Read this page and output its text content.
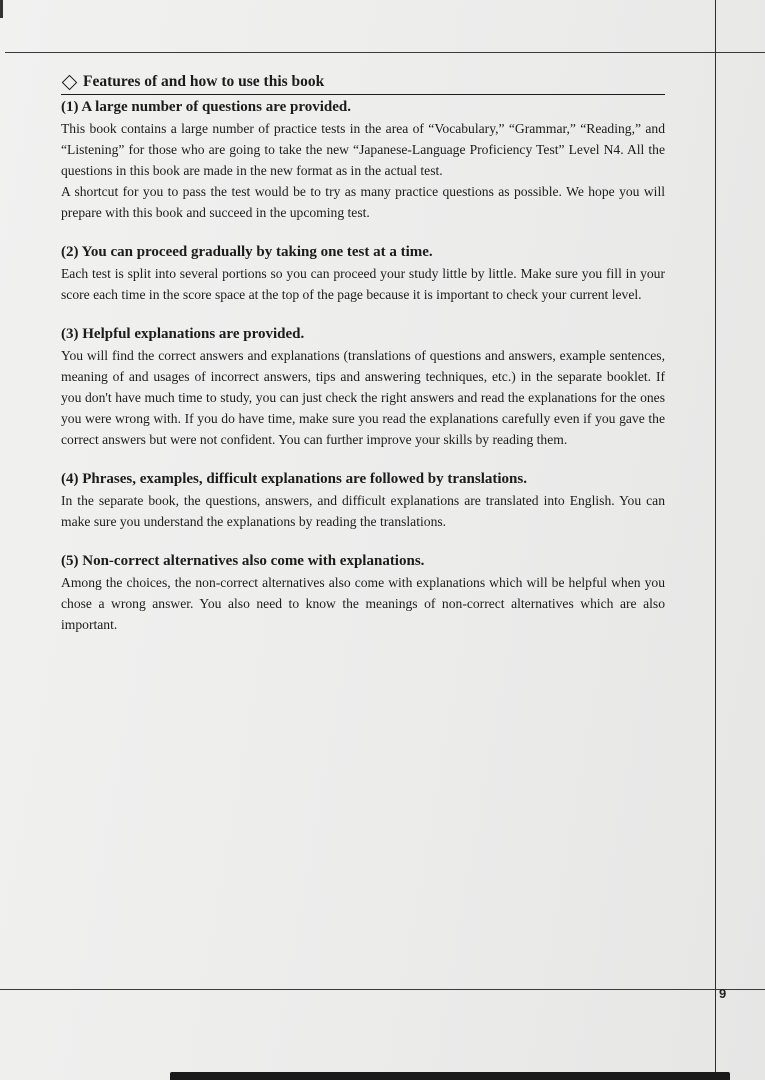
Features of and how to use this book

(1) A large number of questions are provided.

This book contains a large number of practice tests in the area of “Vocabulary,” “Grammar,” “Reading,” and “Listening” for those who are going to take the new “Japanese-Language Proficiency Test” Level N4. All the questions in this book are made in the new format as in the actual test.

A shortcut for you to pass the test would be to try as many practice questions as possible. We hope you will prepare with this book and succeed in the upcoming test.

(2) You can proceed gradually by taking one test at a time.

Each test is split into several portions so you can proceed your study little by little. Make sure you fill in your score each time in the score space at the top of the page because it is important to check your current level.

(3) Helpful explanations are provided.

You will find the correct answers and explanations (translations of questions and answers, example sentences, meaning of and usages of incorrect answers, tips and answering techniques, etc.) in the separate booklet. If you don't have much time to study, you can just check the right answers and read the explanations for the ones you were wrong with. If you do have time, make sure you read the explanations carefully even if you gave the correct answers but were not confident. You can further improve your skills by reading them.

(4) Phrases, examples, difficult explanations are followed by translations.

In the separate book, the questions, answers, and difficult explanations are translated into English. You can make sure you understand the explanations by reading the translations.

(5) Non-correct alternatives also come with explanations.

Among the choices, the non-correct alternatives also come with explanations which will be helpful when you chose a wrong answer. You also need to know the meanings of non-correct alternatives which are also important.

9
